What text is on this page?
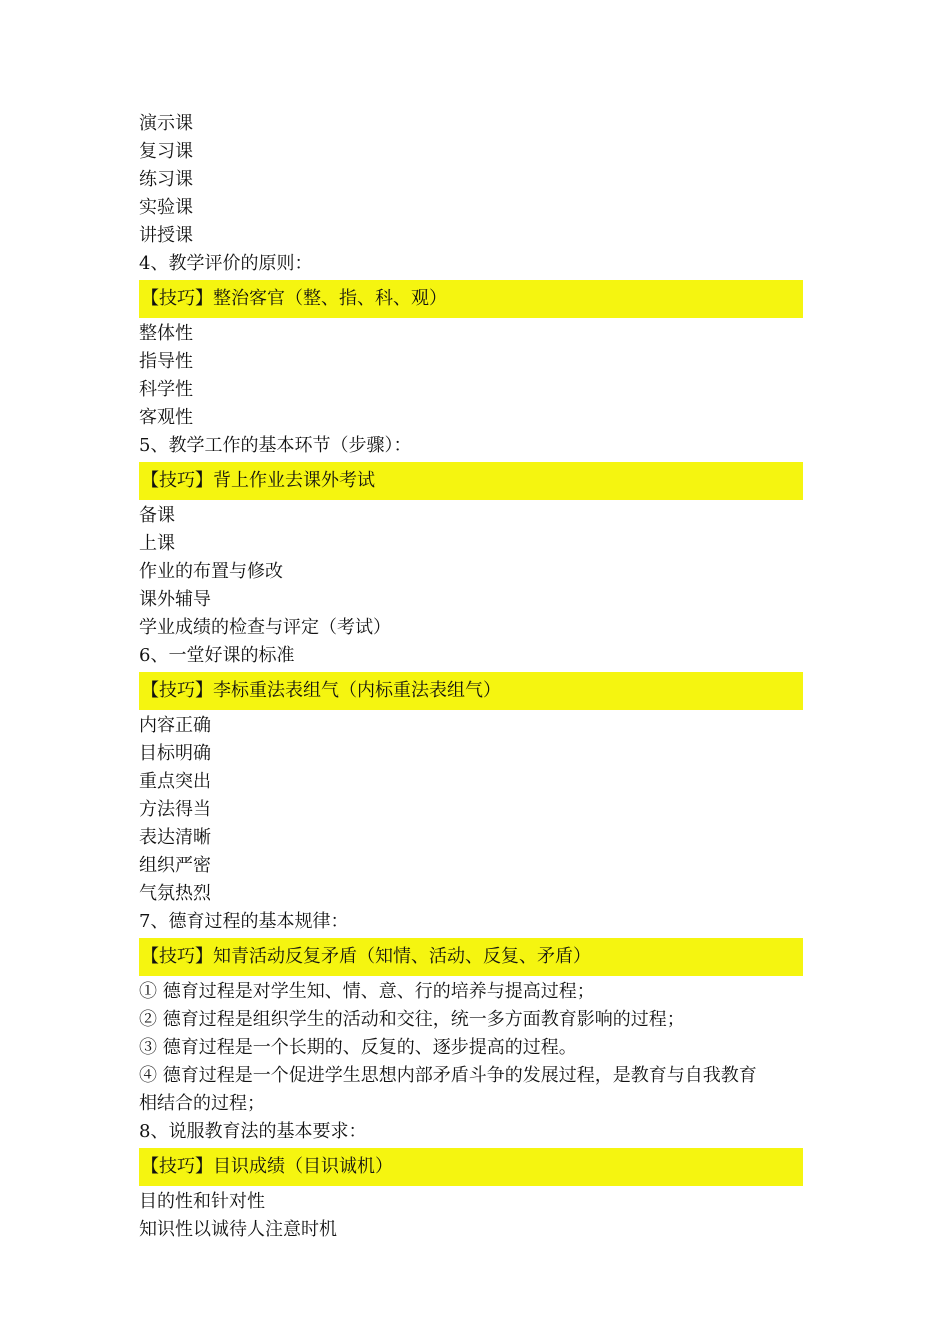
演示课
复习课
练习课
实验课
讲授课
4、教学评价的原则：
【技巧】整治客官（整、指、科、观）
整体性
指导性
科学性
客观性
5、教学工作的基本环节（步骤）：
【技巧】背上作业去课外考试
备课
上课
作业的布置与修改
课外辅导
学业成绩的检查与评定（考试）
6、一堂好课的标准
【技巧】李标重法表组气（内标重法表组气）
内容正确
目标明确
重点突出
方法得当
表达清晰
组织严密
气氛热烈
7、德育过程的基本规律：
【技巧】知青活动反复矛盾（知情、活动、反复、矛盾）
① 德育过程是对学生知、情、意、行的培养与提高过程；
② 德育过程是组织学生的活动和交往，统一多方面教育影响的过程；
③ 德育过程是一个长期的、反复的、逐步提高的过程。
④ 德育过程是一个促进学生思想内部矛盾斗争的发展过程，是教育与自我教育
相结合的过程；
8、说服教育法的基本要求：
【技巧】目识成绩（目识诚机）
目的性和针对性
知识性以诚待人注意时机
